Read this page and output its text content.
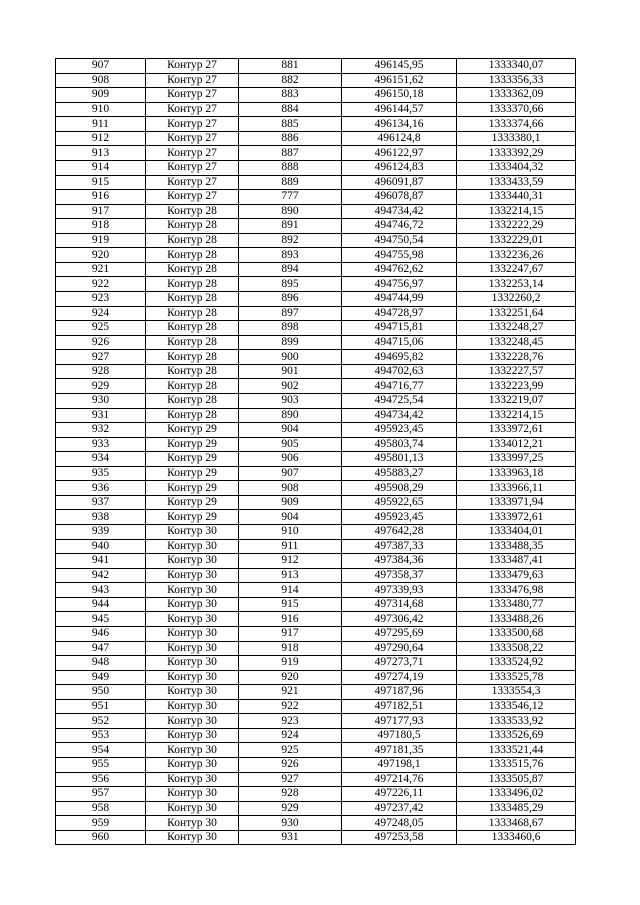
907	Контур 27	881	496145,95	1333340,07
908	Контур 27	882	496151,62	1333356,33
909	Контур 27	883	496150,18	1333362,09
910	Контур 27	884	496144,57	1333370,66
911	Контур 27	885	496134,16	1333374,66
912	Контур 27	886	496124,8	1333380,1
913	Контур 27	887	496122,97	1333392,29
914	Контур 27	888	496124,83	1333404,32
915	Контур 27	889	496091,87	1333433,59
916	Контур 27	777	496078,87	1333440,31
917	Контур 28	890	494734,42	1332214,15
918	Контур 28	891	494746,72	1332222,29
919	Контур 28	892	494750,54	1332229,01
920	Контур 28	893	494755,98	1332236,26
921	Контур 28	894	494762,62	1332247,67
922	Контур 28	895	494756,97	1332253,14
923	Контур 28	896	494744,99	1332260,2
924	Контур 28	897	494728,97	1332251,64
925	Контур 28	898	494715,81	1332248,27
926	Контур 28	899	494715,06	1332248,45
927	Контур 28	900	494695,82	1332228,76
928	Контур 28	901	494702,63	1332227,57
929	Контур 28	902	494716,77	1332223,99
930	Контур 28	903	494725,54	1332219,07
931	Контур 28	890	494734,42	1332214,15
932	Контур 29	904	495923,45	1333972,61
933	Контур 29	905	495803,74	1334012,21
934	Контур 29	906	495801,13	1333997,25
935	Контур 29	907	495883,27	1333963,18
936	Контур 29	908	495908,29	1333966,11
937	Контур 29	909	495922,65	1333971,94
938	Контур 29	904	495923,45	1333972,61
939	Контур 30	910	497642,28	1333404,01
940	Контур 30	911	497387,33	1333488,35
941	Контур 30	912	497384,36	1333487,41
942	Контур 30	913	497358,37	1333479,63
943	Контур 30	914	497339,93	1333476,98
944	Контур 30	915	497314,68	1333480,77
945	Контур 30	916	497306,42	1333488,26
946	Контур 30	917	497295,69	1333500,68
947	Контур 30	918	497290,64	1333508,22
948	Контур 30	919	497273,71	1333524,92
949	Контур 30	920	497274,19	1333525,78
950	Контур 30	921	497187,96	1333554,3
951	Контур 30	922	497182,51	1333546,12
952	Контур 30	923	497177,93	1333533,92
953	Контур 30	924	497180,5	1333526,69
954	Контур 30	925	497181,35	1333521,44
955	Контур 30	926	497198,1	1333515,76
956	Контур 30	927	497214,76	1333505,87
957	Контур 30	928	497226,11	1333496,02
958	Контур 30	929	497237,42	1333485,29
959	Контур 30	930	497248,05	1333468,67
960	Контур 30	931	497253,58	1333460,6
